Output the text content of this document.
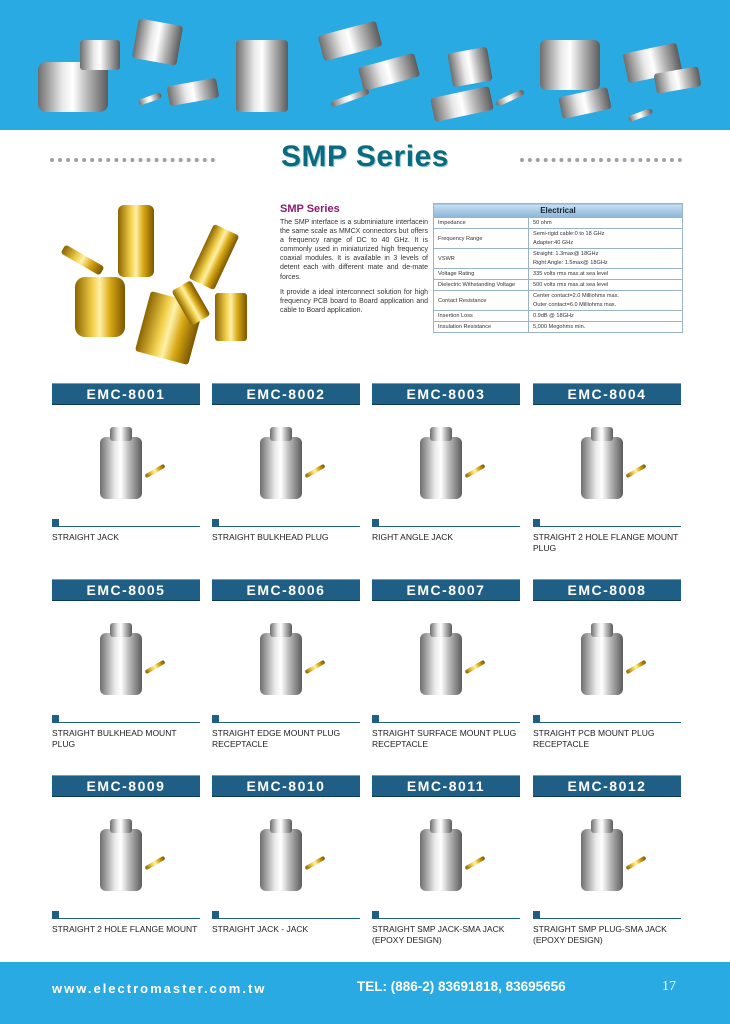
SMP Series
SMP Series

The SMP interface is a subminiature interfacein the same scale as MMCX connectors but offers a frequency range of DC to 40 GHz. It is commonly used in miniaturized high frequency coaxial modules. It is available in 3 levels of detent each with different mate and de-mate forces.

It provide a ideal interconnect solution for high frequency PCB board to Board application and cable to Board application.

Electrical	
Impedance	50 ohm

Frequency Range	Semi-rigid cable:0 to 18 GHz
Adapter:40 GHz

VSWR	Straight: 1.3max@ 18GHz
Right Angle: 1.5max@ 18GHz

Voltage Rating	335 volts rms max.at sea level

Dielectric Withstanding Voltage	500 volts rms max.at sea level

Contact Resistance	Center contact=2.0 Milliohms max.
Outer contact=6.0 Milliohms max.

Insertion Loss	0.9dB @ 18GHz

Insulation Resistance	5,000 Megohms min.
EMC-8001
STRAIGHT JACK
EMC-8002
STRAIGHT BULKHEAD PLUG
EMC-8003
RIGHT ANGLE JACK
EMC-8004
STRAIGHT 2 HOLE FLANGE MOUNT PLUG
EMC-8005
STRAIGHT BULKHEAD MOUNT PLUG
EMC-8006
STRAIGHT EDGE MOUNT PLUG RECEPTACLE
EMC-8007
STRAIGHT SURFACE MOUNT PLUG RECEPTACLE
EMC-8008
STRAIGHT PCB MOUNT PLUG RECEPTACLE
EMC-8009
STRAIGHT 2 HOLE FLANGE MOUNT
EMC-8010
STRAIGHT JACK - JACK
EMC-8011
STRAIGHT SMP JACK-SMA JACK (EPOXY DESIGN)
EMC-8012
STRAIGHT SMP PLUG-SMA JACK (EPOXY DESIGN)
www.electromaster.com.tw	TEL: (886-2) 83691818, 83695656	17
